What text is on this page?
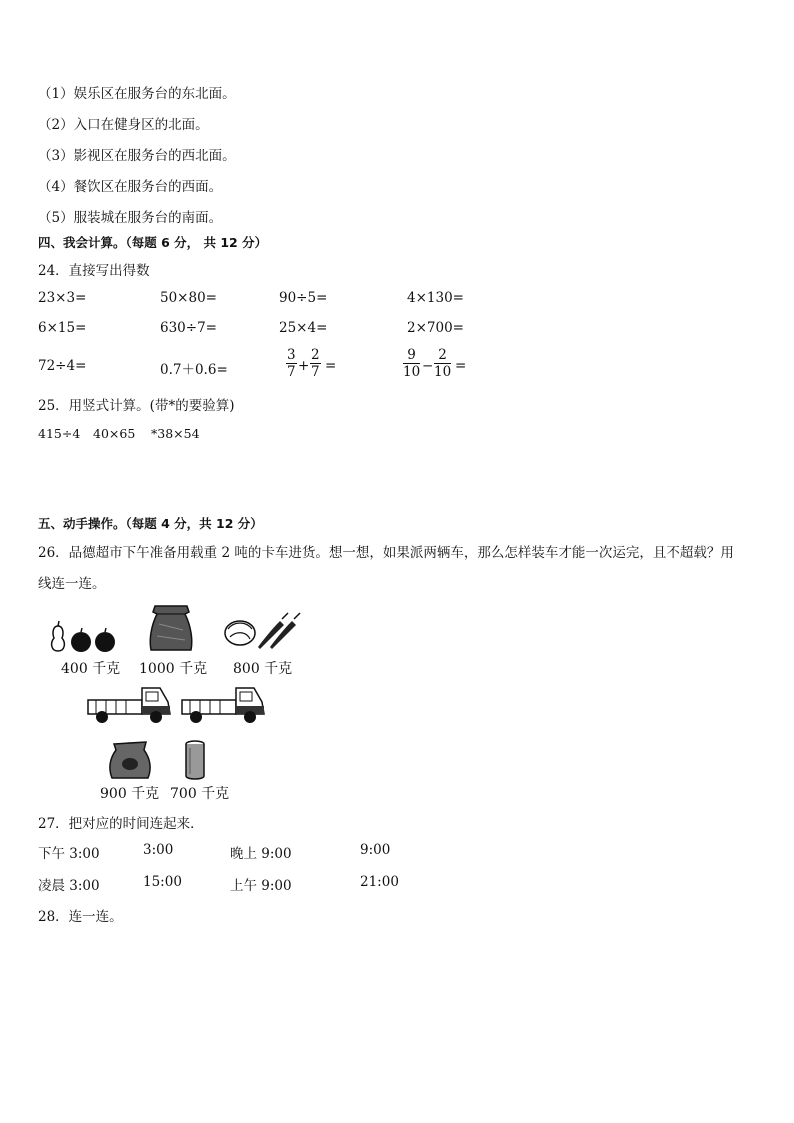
（1）娱乐区在服务台的东北面。
（2）入口在健身区的北面。
（3）影视区在服务台的西北面。
（4）餐饮区在服务台的西面。
（5）服装城在服务台的南面。
四、我会计算。（每题 6 分， 共 12 分）
24．直接写出得数
23×3=	50×80=	90÷5=	4×130=
6×15=	630÷7=	25×4=	2×700=
72÷4=	0.7＋0.6=	$\frac{3}{7} + \frac{2}{7}$ =	$\frac{9}{10} - \frac{2}{10}$ =
25．用竖式计算。(带*的要验算)
415÷4 40×65 *38×54
五、动手操作。（每题 4 分，共 12 分）
26．品德超市下午准备用载重 2 吨的卡车进货。想一想，如果派两辆车，那么怎样装车才能一次运完，且不超载？用
线连一连。
400 千克 1000 千克 800 千克
900 千克 700 千克
27．把对应的时间连起来．
下午 3:00	3:00	晚上 9:00	9:00
凌晨 3:00	15:00	上午 9:00	21:00
28．连一连。
